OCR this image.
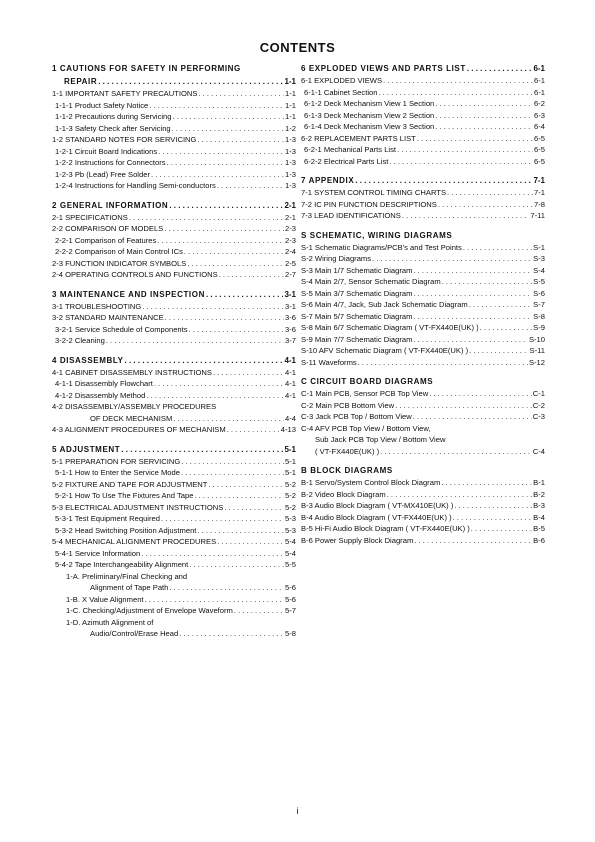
CONTENTS
1 CAUTIONS FOR SAFETY IN PERFORMING
REPAIR . . .	1-1
1-1 IMPORTANT SAFETY PRECAUTIONS . . .	1-1
1-1-1 Product Safety Notice . . .	1-1
1-1-2 Precautions during Servicing . . .	1-1
1-1-3 Safety Check after Servicing . . .	1-2
1-2 STANDARD NOTES FOR SERVICING . . .	1-3
1-2-1 Circuit Board Indications . . .	1-3
1-2-2 Instructions for Connectors . . .	1-3
1-2-3 Pb (Lead) Free Solder . . .	1-3
1-2-4 Instructions for Handling Semi-conductors . . .	1-3
2 GENERAL INFORMATION . . .	2-1
2-1 SPECIFICATIONS . . .	2-1
2-2 COMPARISON OF MODELS . . .	2-3
2-2-1 Comparison of Features . . .	2-3
2-2-2 Comparison of Main Control ICs . . .	2-4
2-3 FUNCTION INDICATOR SYMBOLS . . .	2-5
2-4 OPERATING CONTROLS AND FUNCTIONS . . .	2-7
3 MAINTENANCE AND INSPECTION . . .	3-1
3-1 TROUBLESHOOTING . . .	3-1
3-2 STANDARD MAINTENANCE . . .	3-6
3-2-1 Service Schedule of Components . . .	3-6
3-2-2 Cleaning . . .	3-7
4 DISASSEMBLY . . .	4-1
4-1 CABINET DISASSEMBLY INSTRUCTIONS . . .	4-1
4-1-1 Disassembly Flowchart . . .	4-1
4-1-2 Disassembly Method . . .	4-1
4-2 DISASSEMBLY/ASSEMBLY PROCEDURES
OF DECK MECHANISM . . .	4-4
4-3 ALIGNMENT PROCEDURES OF MECHANISM . . .	4-13
5 ADJUSTMENT . . .	5-1
5-1 PREPARATION FOR SERVICING . . .	5-1
5-1-1 How to Enter the Service Mode . . .	5-1
5-2 FIXTURE AND TAPE FOR ADJUSTMENT . . .	5-2
5-2-1 How To Use The Fixtures And Tape . . .	5-2
5-3 ELECTRICAL ADJUSTMENT INSTRUCTIONS . . .	5-2
5-3-1 Test Equipment Required . . .	5-3
5-3-2 Head Switching Position Adjustment . . .	5-3
5-4 MECHANICAL ALIGNMENT PROCEDURES . . .	5-4
5-4-1 Service Information . . .	5-4
5-4-2 Tape Interchangeability Alignment . . .	5-5
1-A. Preliminary/Final Checking and
Alignment of Tape Path . . .	5-6
1-B. X Value Alignment . . .	5-6
1-C. Checking/Adjustment of Envelope Waveform . . .	5-7
1-D. Azimuth Alignment of
Audio/Control/Erase Head . . .	5-8
6 EXPLODED VIEWS AND PARTS LIST . . .	6-1
6-1 EXPLODED VIEWS . . .	6-1
6-1-1 Cabinet Section . . .	6-1
6-1-2 Deck Mechanism View 1 Section . . .	6-2
6-1-3 Deck Mechanism View 2 Section . . .	6-3
6-1-4 Deck Mechanism View 3 Section . . .	6-4
6-2 REPLACEMENT PARTS LIST . . .	6-5
6-2-1 Mechanical Parts List . . .	6-5
6-2-2 Electrical Parts List . . .	6-5
7 APPENDIX . . .	7-1
7-1 SYSTEM CONTROL TIMING CHARTS . . .	7-1
7-2 IC PIN FUNCTION DESCRIPTIONS . . .	7-8
7-3 LEAD IDENTIFICATIONS . . .	7-11
S SCHEMATIC, WIRING DIAGRAMS
S-1 Schematic Diagrams/PCB's and Test Points . . .	S-1
S-2 Wiring Diagrams . . .	S-3
S-3 Main 1/7 Schematic Diagram . . .	S-4
S-4 Main 2/7, Sensor Schematic Diagram . . .	S-5
S-5 Main 3/7 Schematic Diagram . . .	S-6
S-6 Main 4/7, Jack, Sub Jack Schematic Diagram . . .	S-7
S-7 Main 5/7 Schematic Diagram . . .	S-8
S-8 Main 6/7 Schematic Diagram ( VT-FX440E(UK) ) . . .	S-9
S-9 Main 7/7 Schematic Diagram . . .	S-10
S-10 AFV Schematic Diagram ( VT-FX440E(UK) ) . . .	S-11
S-11 Waveforms . . .	S-12
C CIRCUIT BOARD DIAGRAMS
C-1 Main PCB, Sensor PCB Top View . . .	C-1
C-2 Main PCB Bottom View . . .	C-2
C-3 Jack PCB Top / Bottom View . . .	C-3
C-4 AFV PCB Top View / Bottom View,
Sub Jack PCB Top View / Bottom View
( VT-FX440E(UK) ) . . .	C-4
B BLOCK DIAGRAMS
B-1 Servo/System Control Block Diagram . . .	B-1
B-2 Video Block Diagram . . .	B-2
B-3 Audio Block Diagram ( VT-MX410E(UK) ) . . .	B-3
B-4 Audio Block Diagram ( VT-FX440E(UK) ) . . .	B-4
B-5 Hi-Fi Audio Block Diagram ( VT-FX440E(UK) ) . . .	B-5
B-6 Power Supply Block Diagram . . .	B-6
i
